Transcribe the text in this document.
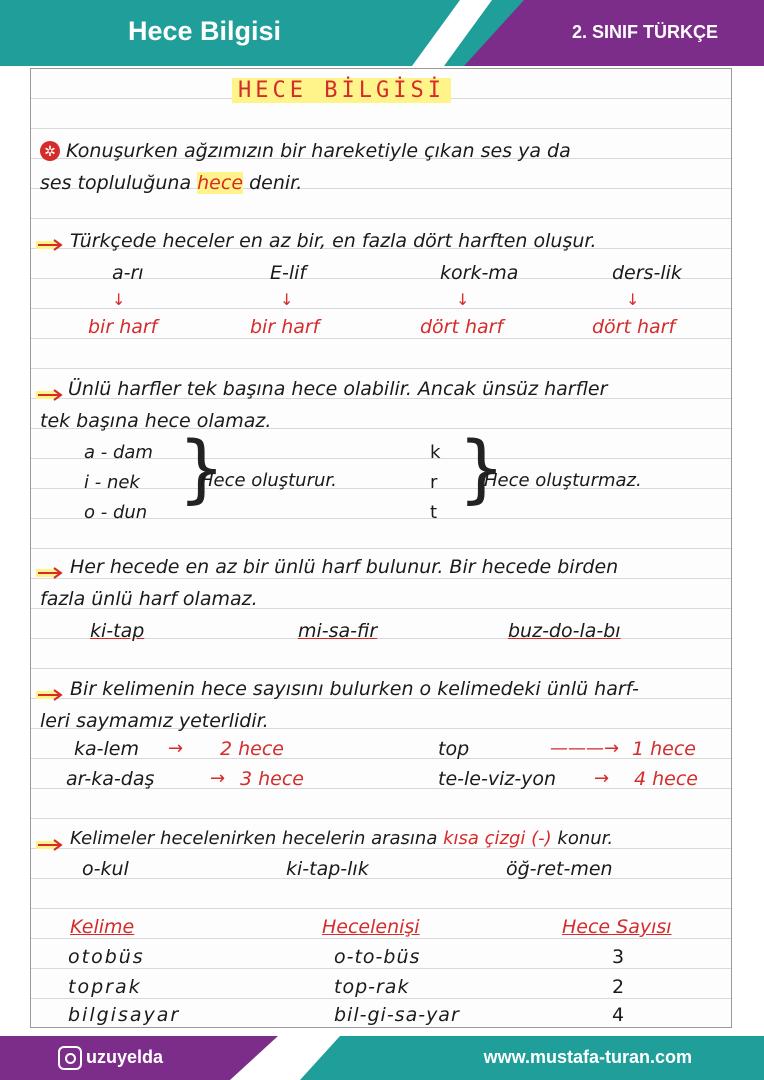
Hece Bilgisi	2. SINIF TÜRKÇE
HECE BİLGİSİ
✲ Konuşurken ağzımızın bir hareketiyle çıkan ses ya da
ses topluluğuna hece denir.
Türkçede heceler en az bir, en fazla dört harften oluşur.
a-rı	E-lif	kork-ma	ders-lik
↓	↓	↓	↓
bir harf	bir harf	dört harf	dört harf
Ünlü harfler tek başına hece olabilir. Ancak ünsüz harfler
tek başına hece olamaz.
a - dam
i - nek
o - dun
}
Hece oluşturur.
k
r
t
}
Hece oluşturmaz.
Her hecede en az bir ünlü harf bulunur. Bir hecede birden
fazla ünlü harf olamaz.
ki-tap	mi-sa-fir	buz-do-la-bı
Bir kelimenin hece sayısını bulurken o kelimedeki ünlü harf-
leri saymamız yeterlidir.
ka-lem → 2 hece	top	———→ 1 hece
ar-ka-daş	→ 3 hece	te-le-viz-yon → 4 hece
Kelimeler hecelenirken hecelerin arasına kısa çizgi (-) konur.
o-kul	ki-tap-lık	öğ-ret-men
Kelime	Hecelenişi	Hece Sayısı
otobüs	o-to-büs	3
toprak	top-rak	2
bilgisayar	bil-gi-sa-yar	4
uzuyelda	www.mustafa-turan.com
